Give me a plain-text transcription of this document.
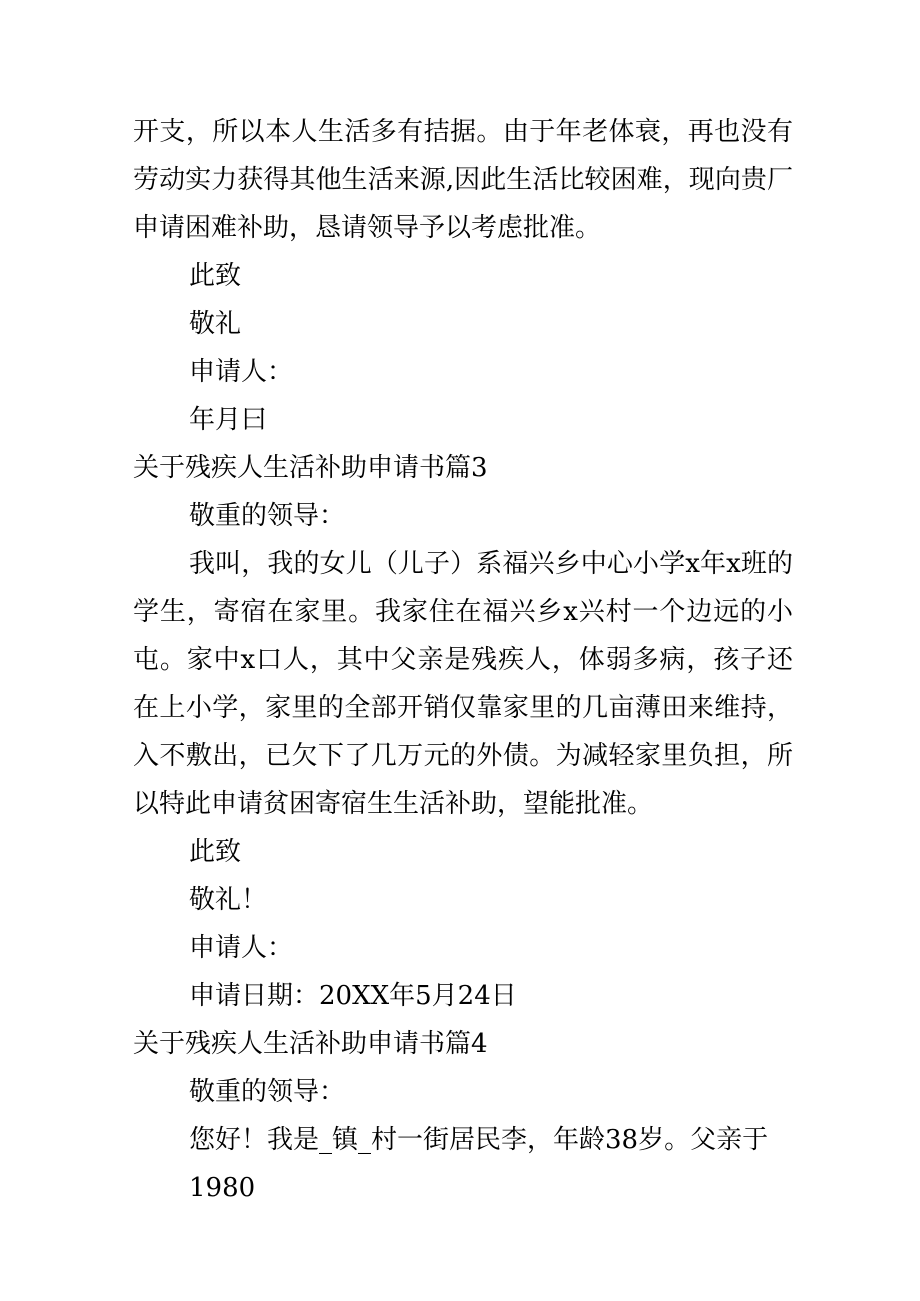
开支，所以本人生活多有拮据。由于年老体衰，再也没有劳动实力获得其他生活来源,因此生活比较困难，现向贵厂申请困难补助，恳请领导予以考虑批准。

此致
敬礼
申请人：
年月曰

关于残疾人生活补助申请书篇3

敬重的领导：

我叫，我的女儿（儿子）系福兴乡中心小学x年x班的学生，寄宿在家里。我家住在福兴乡x兴村一个边远的小屯。家中x口人，其中父亲是残疾人，体弱多病，孩子还在上小学，家里的全部开销仅靠家里的几亩薄田来维持，入不敷出，已欠下了几万元的外债。为减轻家里负担，所以特此申请贫困寄宿生生活补助，望能批准。

此致
敬礼！
申请人：
申请日期：20XX年5月24日

关于残疾人生活补助申请书篇4

敬重的领导：
您好！我是_镇_村一街居民李，年龄38岁。父亲于1980
